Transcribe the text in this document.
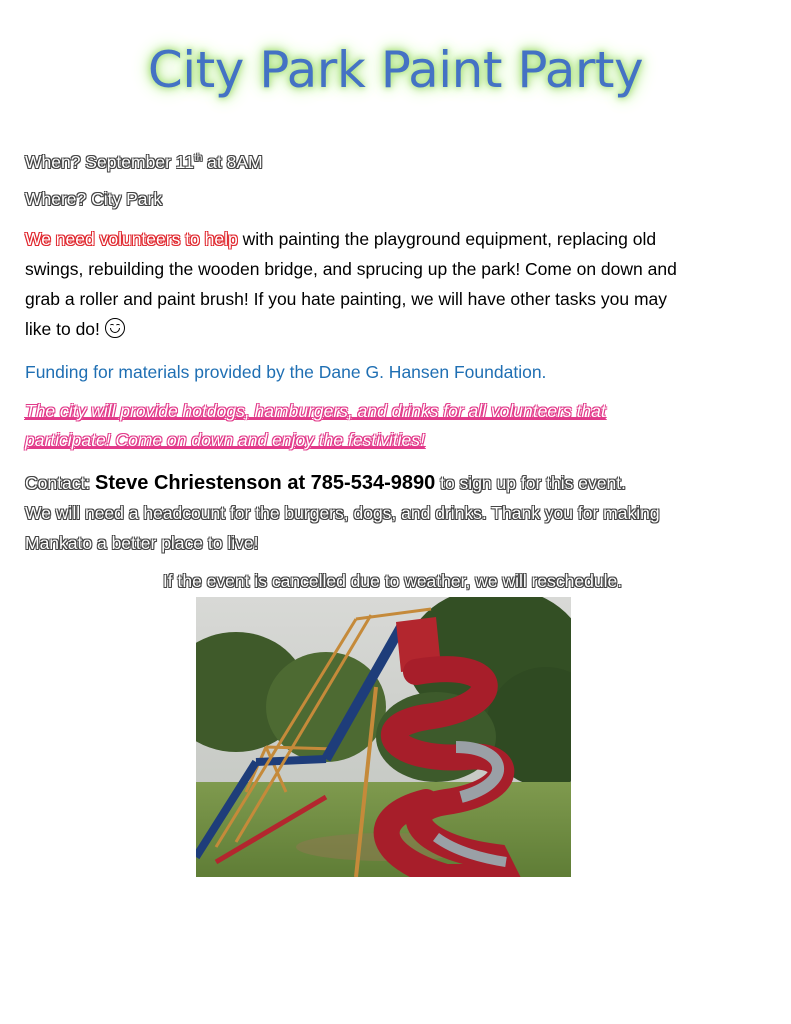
City Park Paint Party
When? September 11th at 8AM
Where? City Park
We need volunteers to help with painting the playground equipment, replacing old
swings, rebuilding the wooden bridge, and sprucing up the park! Come on down and
grab a roller and paint brush! If you hate painting, we will have other tasks you may
like to do!
Funding for materials provided by the Dane G. Hansen Foundation.
The city will provide hotdogs, hamburgers, and drinks for all volunteers that
participate! Come on down and enjoy the festivities!
Contact: Steve Chriestenson at 785-534-9890 to sign up for this event.
We will need a headcount for the burgers, dogs, and drinks. Thank you for making
Mankato a better place to live!
If the event is cancelled due to weather, we will reschedule.
